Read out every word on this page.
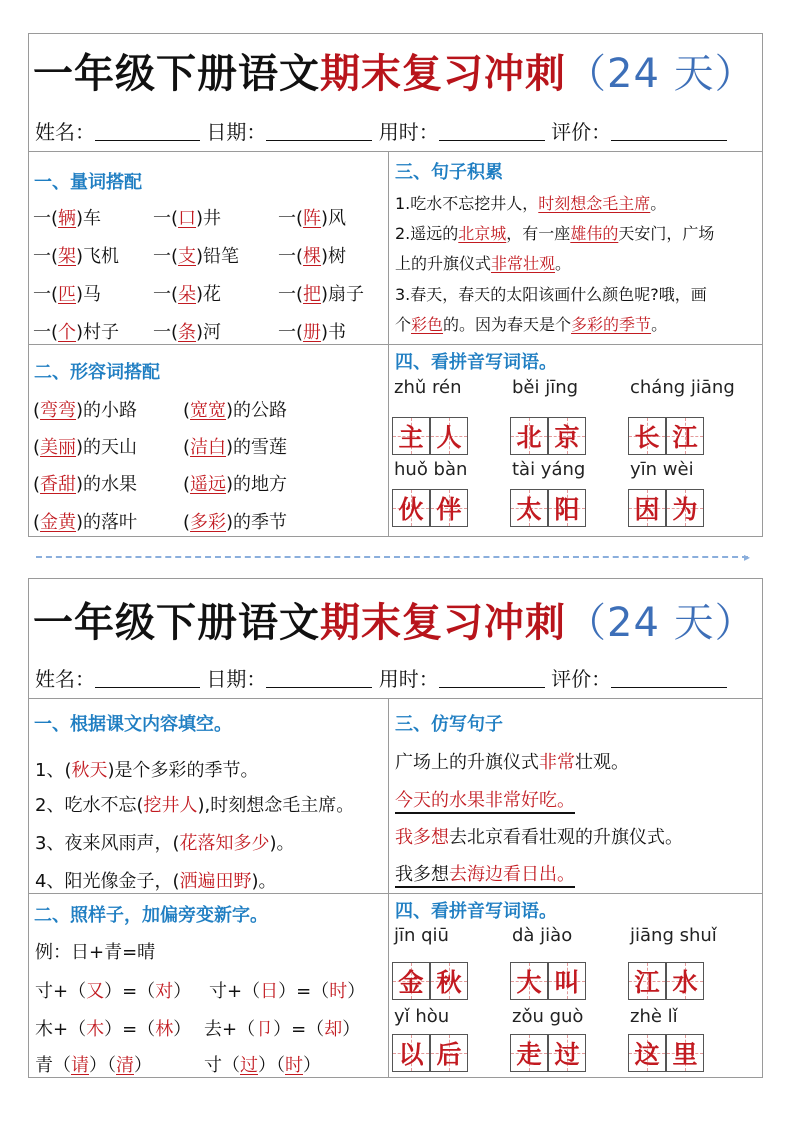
一年级下册语文期末复习冲刺（24 天）
姓名：	日期：	用时：	评价：
一、量词搭配
一(辆)车	一(口)井	一(阵)风
一(架)飞机 一(支)铅笔 一(棵)树
一(匹)马	一(朵)花	一(把)扇子
一(个)村子 一(条)河	一(册)书
二、形容词搭配
(弯弯)的小路	(宽宽)的公路
(美丽)的天山	(洁白)的雪莲
(香甜)的水果	(遥远)的地方
(金黄)的落叶	(多彩)的季节
三、句子积累
1.吃水不忘挖井人，时刻想念毛主席。
2.遥远的北京城，有一座雄伟的天安门，广场
上的升旗仪式非常壮观。
3.春天，春天的太阳该画什么颜色呢?哦，画
个彩色的。因为春天是个多彩的季节。
四、看拼音写词语。
zhǔ rén
主 人
běi jīng
北 京
cháng jiāng
长 江
huǒ bàn
伙 伴
tài yáng
太 阳
yīn wèi
因 为
▸
一年级下册语文期末复习冲刺（24 天）
姓名：	日期：	用时：	评价：
一、根据课文内容填空。
1、(秋天)是个多彩的季节。
2、吃水不忘(挖井人),时刻想念毛主席。
3、夜来风雨声，(花落知多少)。
4、阳光像金子，(洒遍田野)。
二、照样子，加偏旁变新字。
例：日+青=晴
寸+（又）=（对） 寸+（日）=（时）
木+（木）=（林） 去+（卩）=（却）
青（请）（清）	寸（过）（时）
三、仿写句子
广场上的升旗仪式非常壮观。
今天的水果非常好吃。
我多想去北京看看壮观的升旗仪式。
我多想去海边看日出。
四、看拼音写词语。
jīn qiū
金 秋
dà jiào
大 叫
jiāng shuǐ
江 水
yǐ hòu
以 后
zǒu guò
走 过
zhè lǐ
这 里
